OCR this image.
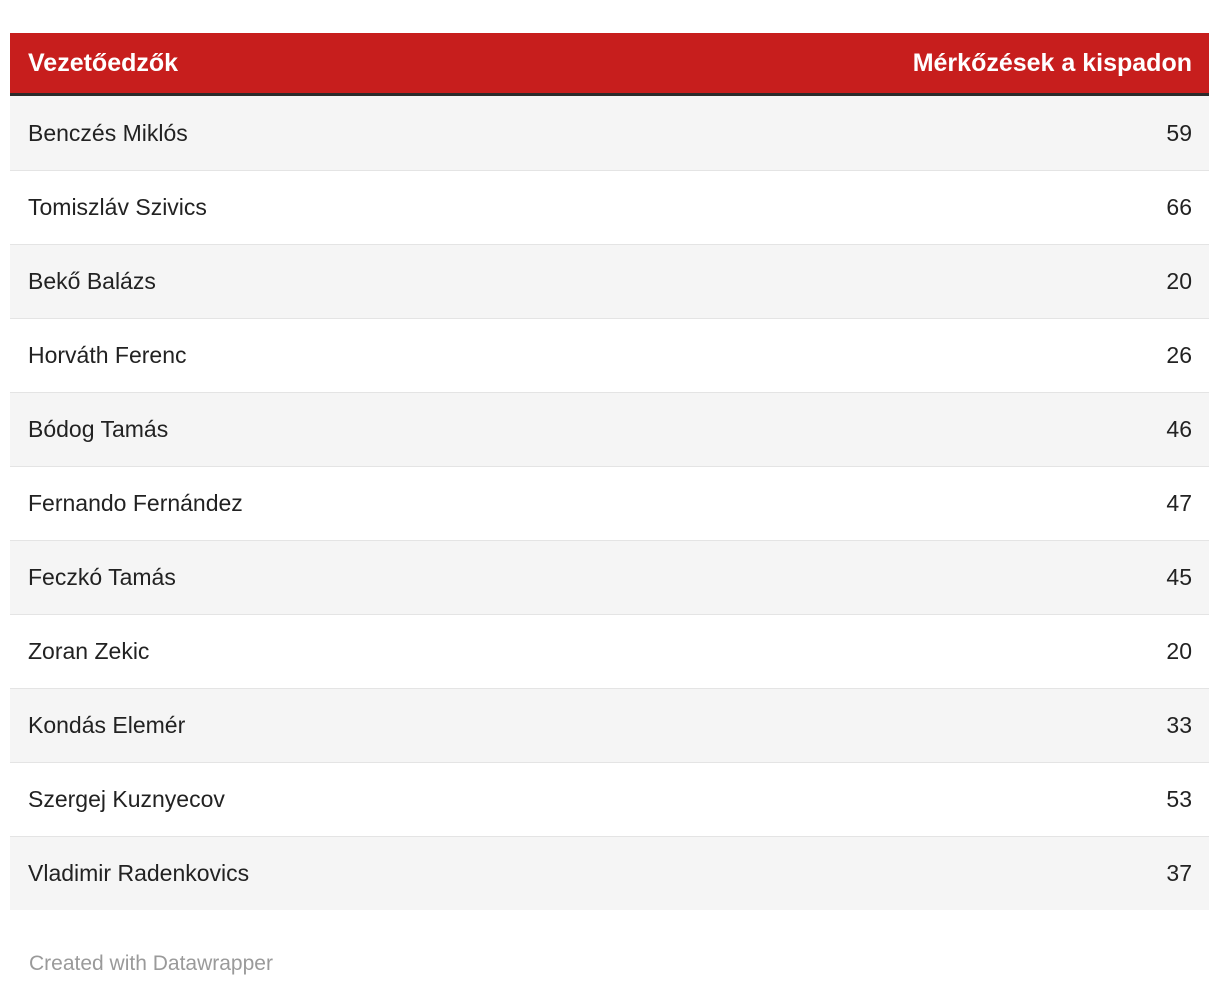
Vezetőedzők	Mérkőzések a kispadon
Benczés Miklós	59
Tomiszláv Szivics	66
Bekő Balázs	20
Horváth Ferenc	26
Bódog Tamás	46
Fernando Fernández	47
Feczkó Tamás	45
Zoran Zekic	20
Kondás Elemér	33
Szergej Kuznyecov	53
Vladimir Radenkovics	37
Created with Datawrapper
